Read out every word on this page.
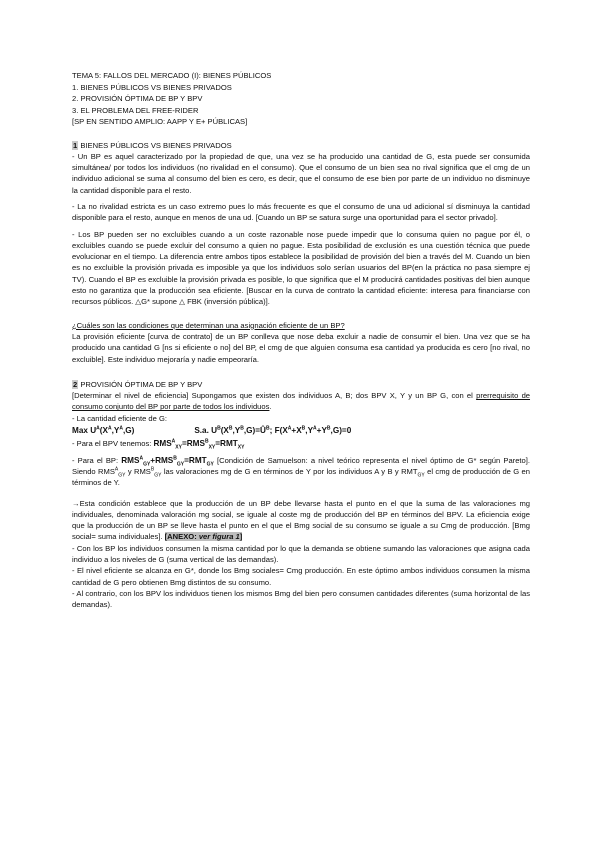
TEMA 5: FALLOS DEL MERCADO (I): BIENES PÚBLICOS

1. BIENES PÚBLICOS VS BIENES PRIVADOS

2. PROVISIÓN ÓPTIMA DE BP Y BPV

3. EL PROBLEMA DEL FREE-RIDER

[SP EN SENTIDO AMPLIO: AAPP Y E+ PÚBLICAS]

1 BIENES PÚBLICOS VS BIENES PRIVADOS

- Un BP es aquel caracterizado por la propiedad de que, una vez se ha producido una cantidad de G, esta puede ser consumida simultánea/ por todos los individuos (no rivalidad en el consumo). Que el consumo de un bien sea no rival significa que el cmg de un individuo adicional se suma al consumo del bien es cero, es decir, que el consumo de ese bien por parte de un individuo no disminuye la cantidad disponible para el resto.

- La no rivalidad estricta es un caso extremo pues lo más frecuente es que el consumo de una ud adicional sí disminuya la cantidad disponible para el resto, aunque en menos de una ud. [Cuando un BP se satura surge una oportunidad para el sector privado].

- Los BP pueden ser no excluibles cuando a un coste razonable nose puede impedir que lo consuma quien no pague por él, o excluibles cuando se puede excluir del consumo a quien no pague. Esta posibilidad de exclusión es una cuestión técnica que puede evolucionar en el tiempo. La diferencia entre ambos tipos establece la posibilidad de provisión del bien a través del M. Cuando un bien es no excluible la provisión privada es imposible ya que los individuos solo serían usuarios del BP(en la práctica no pasa siempre ej TV). Cuando el BP es excluible la provisión privada es posible, lo que significa que el M producirá cantidades positivas del bien aunque esto no garantiza que la producción sea eficiente. [Buscar en la curva de contrato la cantidad eficiente: interesa para financiarse con recursos públicos. △G* supone △ FBK (inversión pública)].

¿Cuáles son las condiciones que determinan una asignación eficiente de un BP?

La provisión eficiente [curva de contrato] de un BP conlleva que nose deba excluir a nadie de consumir el bien. Una vez que se ha producido una cantidad G [ns si eficiente o no] del BP, el cmg de que alguien consuma esa cantidad ya producida es cero [no rival, no excluible]. Este individuo mejoraría y nadie empeoraría.

2 PROVISIÓN ÓPTIMA DE BP Y BPV

[Determinar el nivel de eficiencia] Supongamos que existen dos individuos A, B; dos BPV X, Y y un BP G, con el prerrequisito de consumo conjunto del BP por parte de todos los individuos.

- La cantidad eficiente de G:

Max $U^A(X^A,Y^A,G)$	S.a. $U^B(X^B,Y^B,G)=Û^B$; $F(X^A+X^B,Y^A+Y^B,G)=0$

- Para el BPV tenemos: $RMS^A_{XY}=RMS^B_{XY}=RMT_{XY}$

- Para el BP: $RMS^A_{GY}+RMS^B_{GY}=RMT_{GY}$ [Condición de Samuelson: a nivel teórico representa el nivel óptimo de G* según Pareto]. Siendo $RMS^A_{GY}$ y $RMS^B_{GY}$ las valoraciones mg de G en términos de Y por los individuos A y B y $RMT_{GY}$ el cmg de producción de G en términos de Y.

→Esta condición establece que la producción de un BP debe llevarse hasta el punto en el que la suma de las valoraciones mg individuales, denominada valoración mg social, se iguale al coste mg de producción del BP en términos del BPV. La eficiencia exige que la producción de un BP se lleve hasta el punto en el que el Bmg social de su consumo se iguale a su Cmg de producción. [Bmg social= suma individuales]. [ANEXO: ver figura 1]

- Con los BP los individuos consumen la misma cantidad por lo que la demanda se obtiene sumando las valoraciones que asigna cada individuo a los niveles de G (suma vertical de las demandas).

- El nivel eficiente se alcanza en G*, donde los Bmg sociales= Cmg producción. En este óptimo ambos individuos consumen la misma cantidad de G pero obtienen Bmg distintos de su consumo.

- Al contrario, con los BPV los individuos tienen los mismos Bmg del bien pero consumen cantidades diferentes (suma horizontal de las demandas).
